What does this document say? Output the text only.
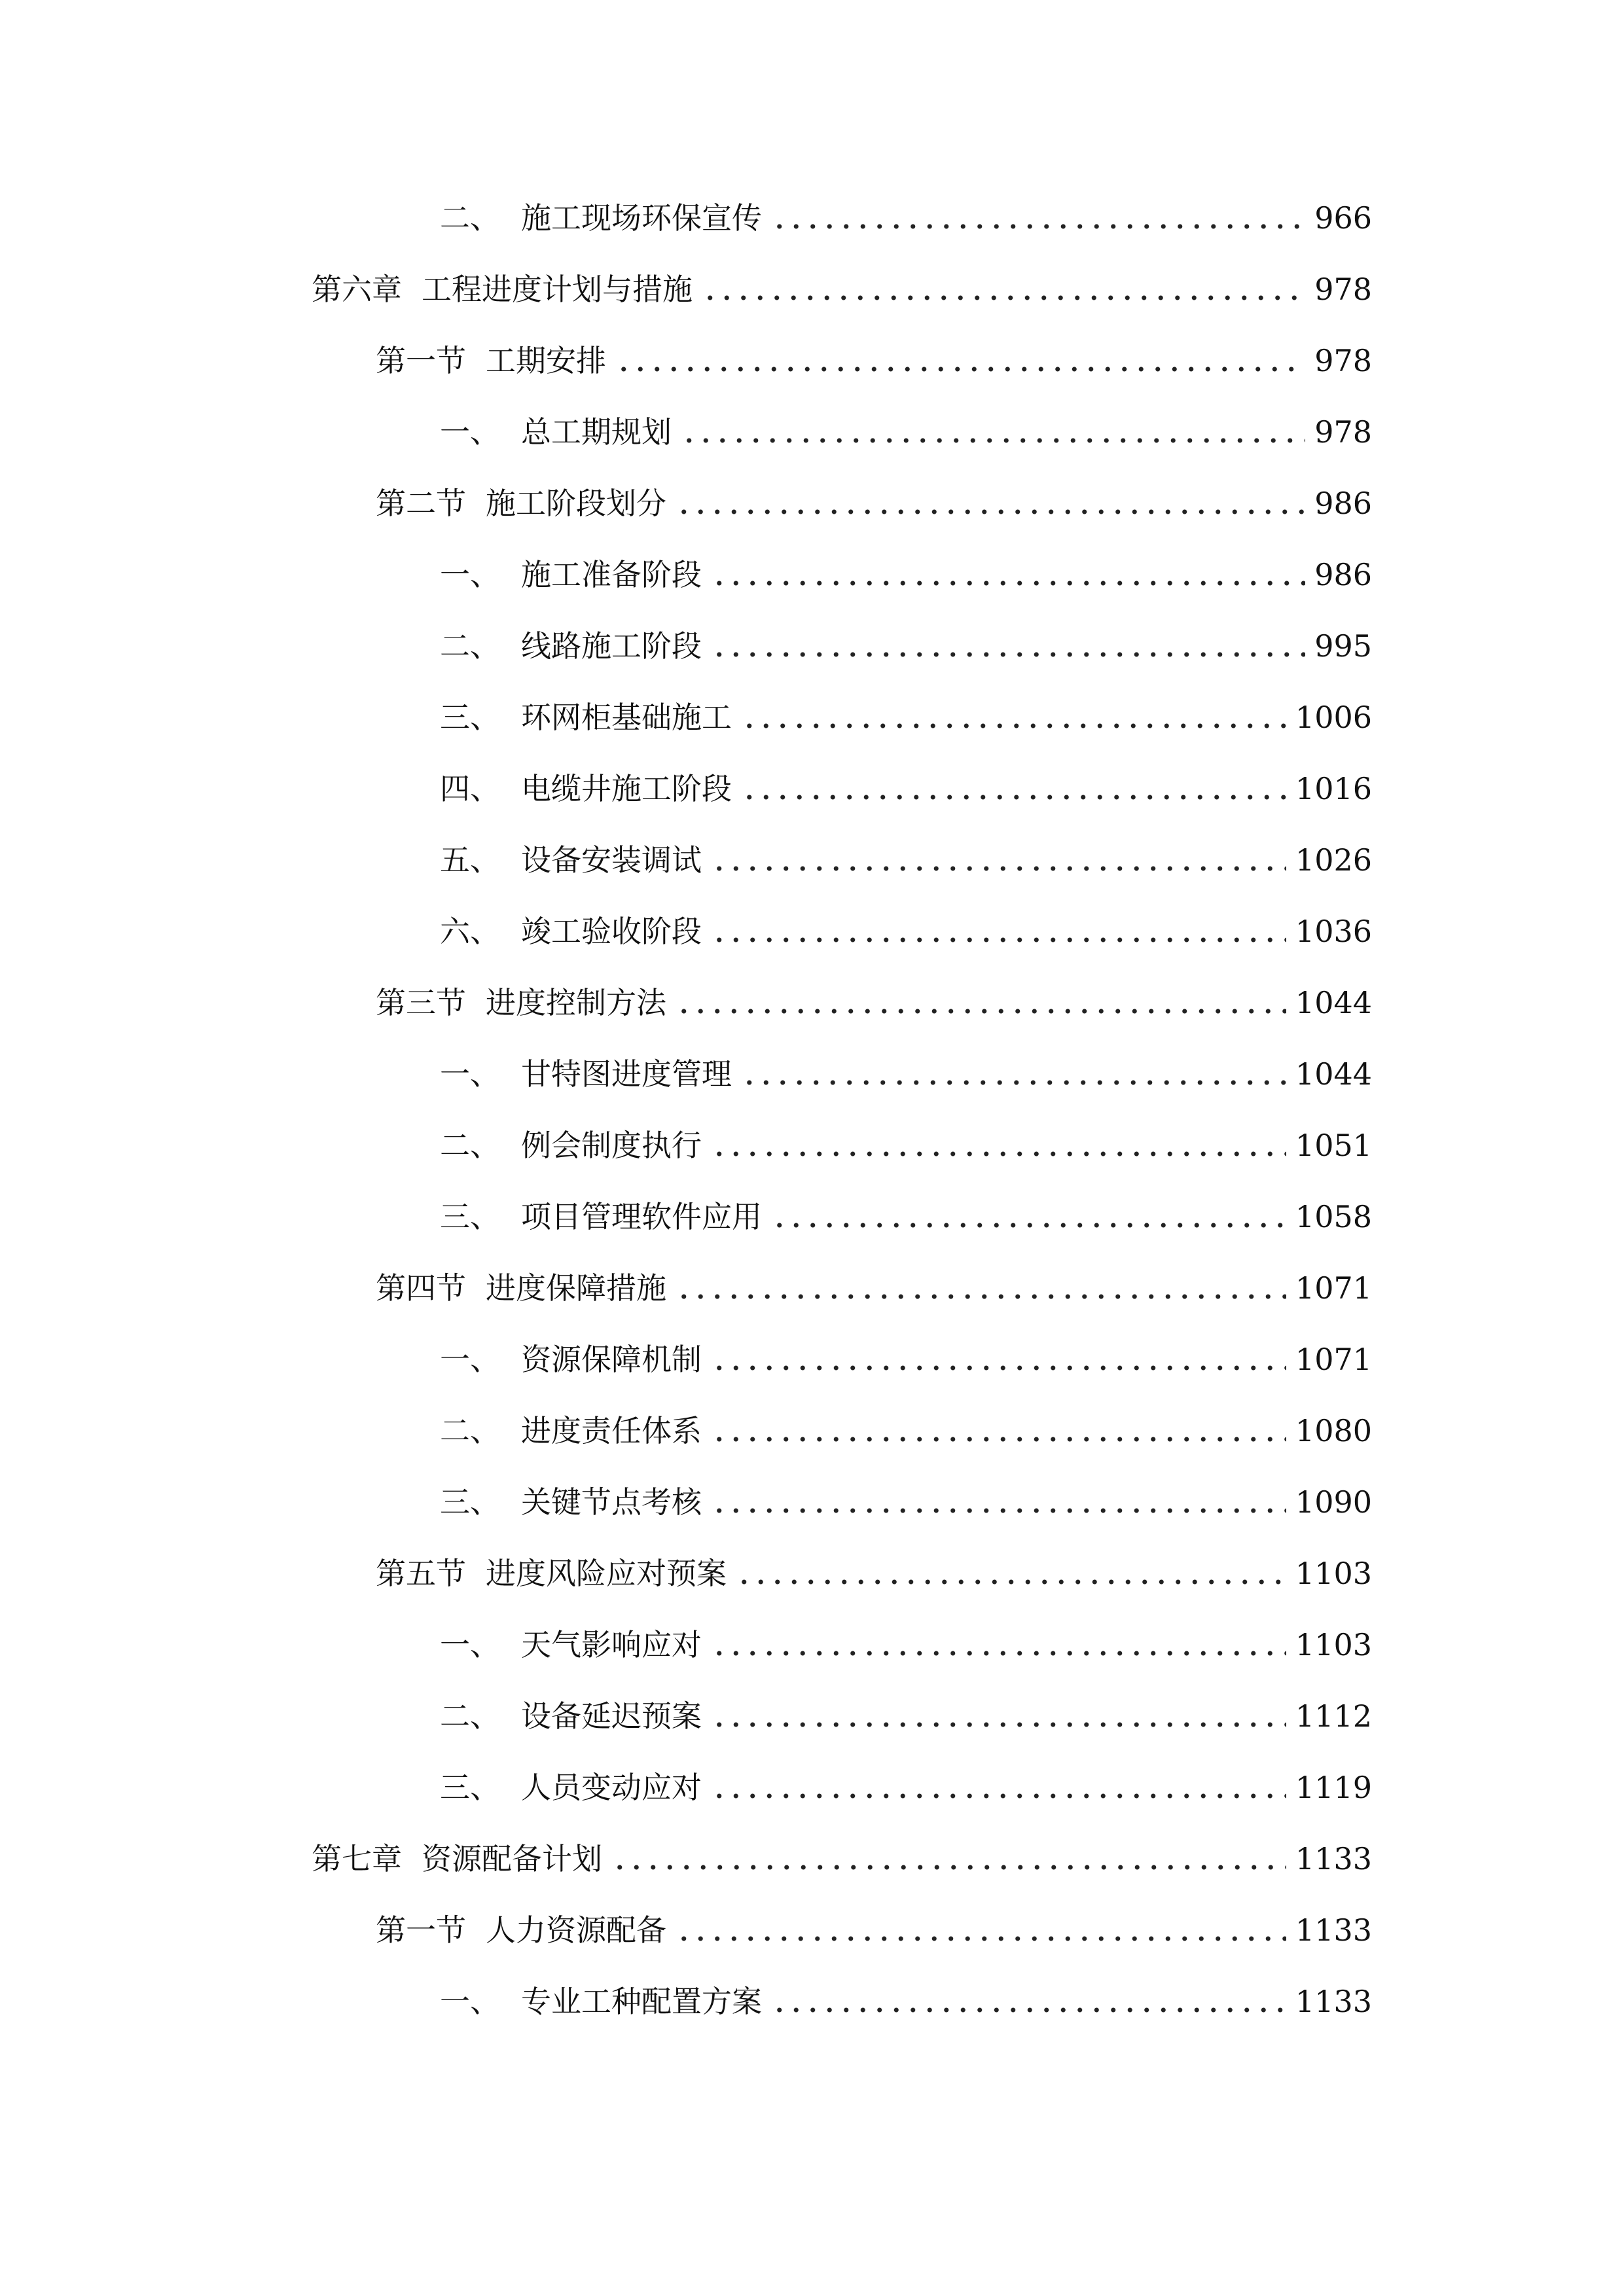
二、 施工现场环保宣传	966
第六章 工程进度计划与措施	978
第一节 工期安排	978
一、 总工期规划	978
第二节 施工阶段划分	986
一、 施工准备阶段	986
二、 线路施工阶段	995
三、 环网柜基础施工	1006
四、 电缆井施工阶段	1016
五、 设备安装调试	1026
六、 竣工验收阶段	1036
第三节 进度控制方法	1044
一、 甘特图进度管理	1044
二、 例会制度执行	1051
三、 项目管理软件应用	1058
第四节 进度保障措施	1071
一、 资源保障机制	1071
二、 进度责任体系	1080
三、 关键节点考核	1090
第五节 进度风险应对预案	1103
一、 天气影响应对	1103
二、 设备延迟预案	1112
三、 人员变动应对	1119
第七章 资源配备计划	1133
第一节 人力资源配备	1133
一、 专业工种配置方案	1133
